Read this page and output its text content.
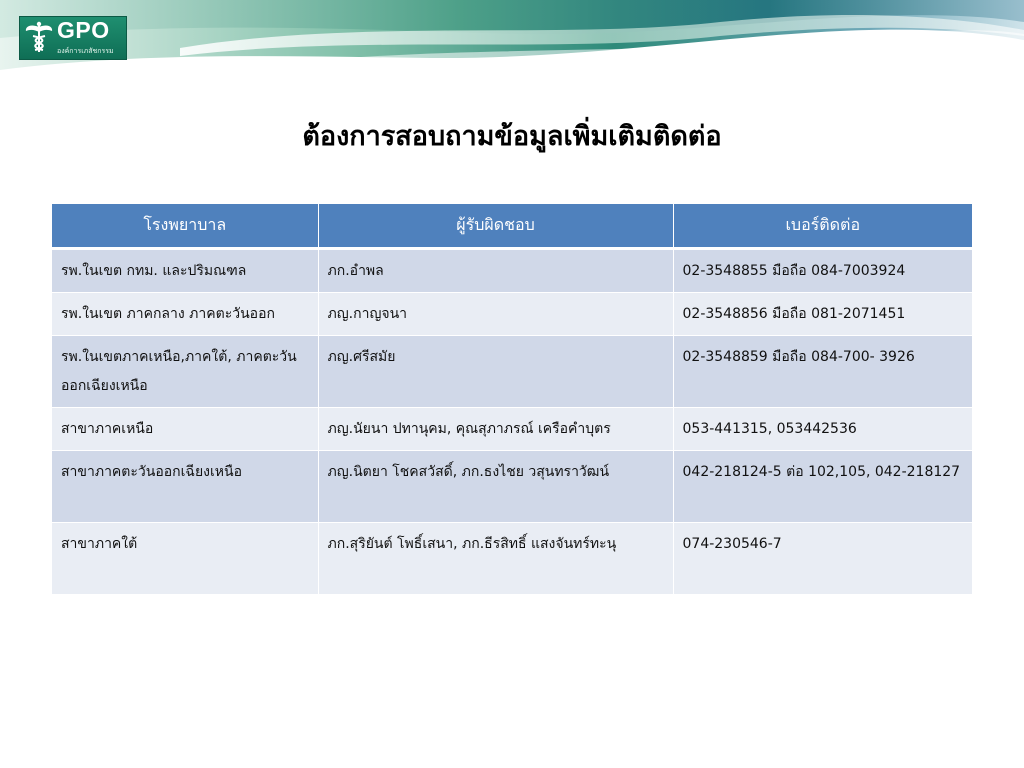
GPO
องค์การเภสัชกรรม
ต้องการสอบถามข้อมูลเพิ่มเติมติดต่อ
โรงพยาบาล	ผู้รับผิดชอบ	เบอร์ติดต่อ
รพ.ในเขต กทม. และปริมณฑล	ภก.อำพล	02-3548855 มือถือ 084-7003924
รพ.ในเขต ภาคกลาง ภาคตะวันออก	ภญ.กาญจนา	02-3548856 มือถือ 081-2071451
รพ.ในเขตภาคเหนือ,ภาคใต้, ภาคตะวันออกเฉียงเหนือ	ภญ.ศรีสมัย	02-3548859 มือถือ 084-700- 3926
สาขาภาคเหนือ	ภญ.นัยนา ปทานุคม, คุณสุภาภรณ์ เครือคำบุตร	053-441315, 053442536
สาขาภาคตะวันออกเฉียงเหนือ	ภญ.นิตยา โชคสวัสดิ์, ภก.ธงไชย วสุนทราวัฒน์	042-218124-5 ต่อ 102,105, 042-218127
สาขาภาคใต้	ภก.สุริยันต์ โพธิ์เสนา, ภก.ธีรสิทธิ์ แสงจันทร์ทะนุ	074-230546-7
